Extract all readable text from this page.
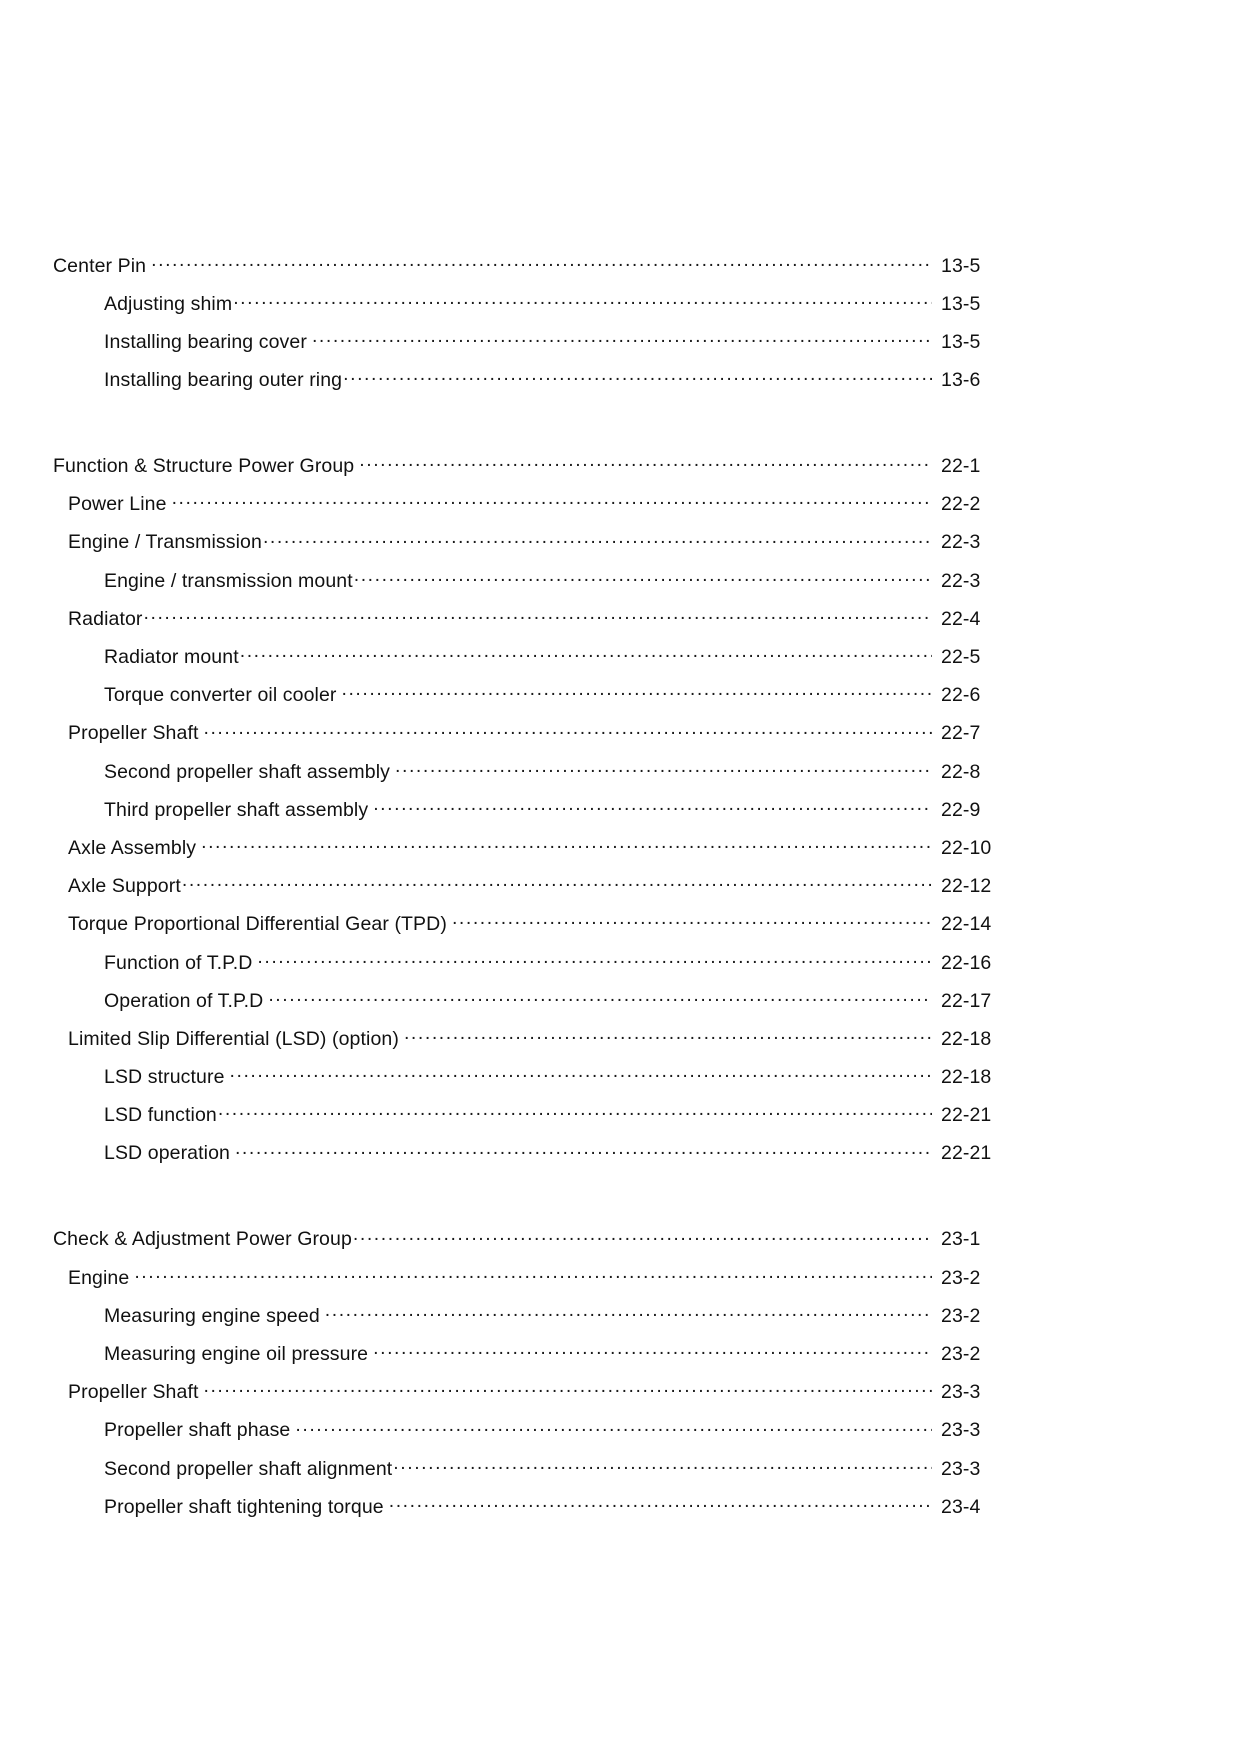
Center Pin .....	13-5
Adjusting shim .....	13-5
Installing bearing cover .....	13-5
Installing bearing outer ring .....	13-6
Function & Structure Power Group .....	22-1
Power Line .....	22-2
Engine / Transmission .....	22-3
Engine / transmission mount .....	22-3
Radiator .....	22-4
Radiator mount .....	22-5
Torque converter oil cooler .....	22-6
Propeller Shaft .....	22-7
Second propeller shaft assembly .....	22-8
Third propeller shaft assembly .....	22-9
Axle Assembly .....	22-10
Axle Support .....	22-12
Torque Proportional Differential Gear (TPD) .....	22-14
Function of T.P.D .....	22-16
Operation of T.P.D .....	22-17
Limited Slip Differential (LSD) (option) .....	22-18
LSD structure .....	22-18
LSD function .....	22-21
LSD operation .....	22-21
Check & Adjustment Power Group .....	23-1
Engine .....	23-2
Measuring engine speed .....	23-2
Measuring engine oil pressure .....	23-2
Propeller Shaft .....	23-3
Propeller shaft phase .....	23-3
Second propeller shaft alignment .....	23-3
Propeller shaft tightening torque .....	23-4
